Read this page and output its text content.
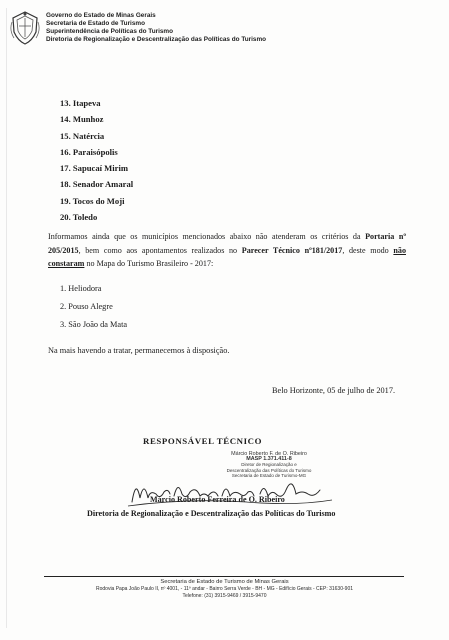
Governo do Estado de Minas Gerais
Secretaria de Estado de Turismo
Superintendência de Políticas do Turismo
Diretoria de Regionalização e Descentralização das Políticas do Turismo
13. Itapeva
14. Munhoz
15. Natércia
16. Paraisópolis
17. Sapucaí Mirim
18. Senador Amaral
19. Tocos do Moji
20. Toledo
Informamos ainda que os municípios mencionados abaixo não atenderam os critérios da Portaria nº 205/2015, bem como aos apontamentos realizados no Parecer Técnico nº181/2017, deste modo não constaram no Mapa do Turismo Brasileiro - 2017:
1. Heliodora
2. Pouso Alegre
3. São João da Mata
Na mais havendo a tratar, permanecemos à disposição.
Belo Horizonte, 05 de julho de 2017.
RESPONSÁVEL TÉCNICO
Márcio Roberto F. de O. Ribeiro
MASP 1.371.411-8
Diretor de Regionalização e
Descentralização das Políticas do Turismo
Secretaria de Estado de Turismo-MG
Márcio Roberto Ferreira de O. Ribeiro
Diretoria de Regionalização e Descentralização das Políticas do Turismo
Secretaria de Estado de Turismo de Minas Gerais
Rodovia Papa João Paulo II, nº 4001, - 11º andar - Bairro Serra Verde - BH - MG - Edifício Gerais - CEP: 31630-901
Telefone: (31) 3915-9469 / 3915-9470
